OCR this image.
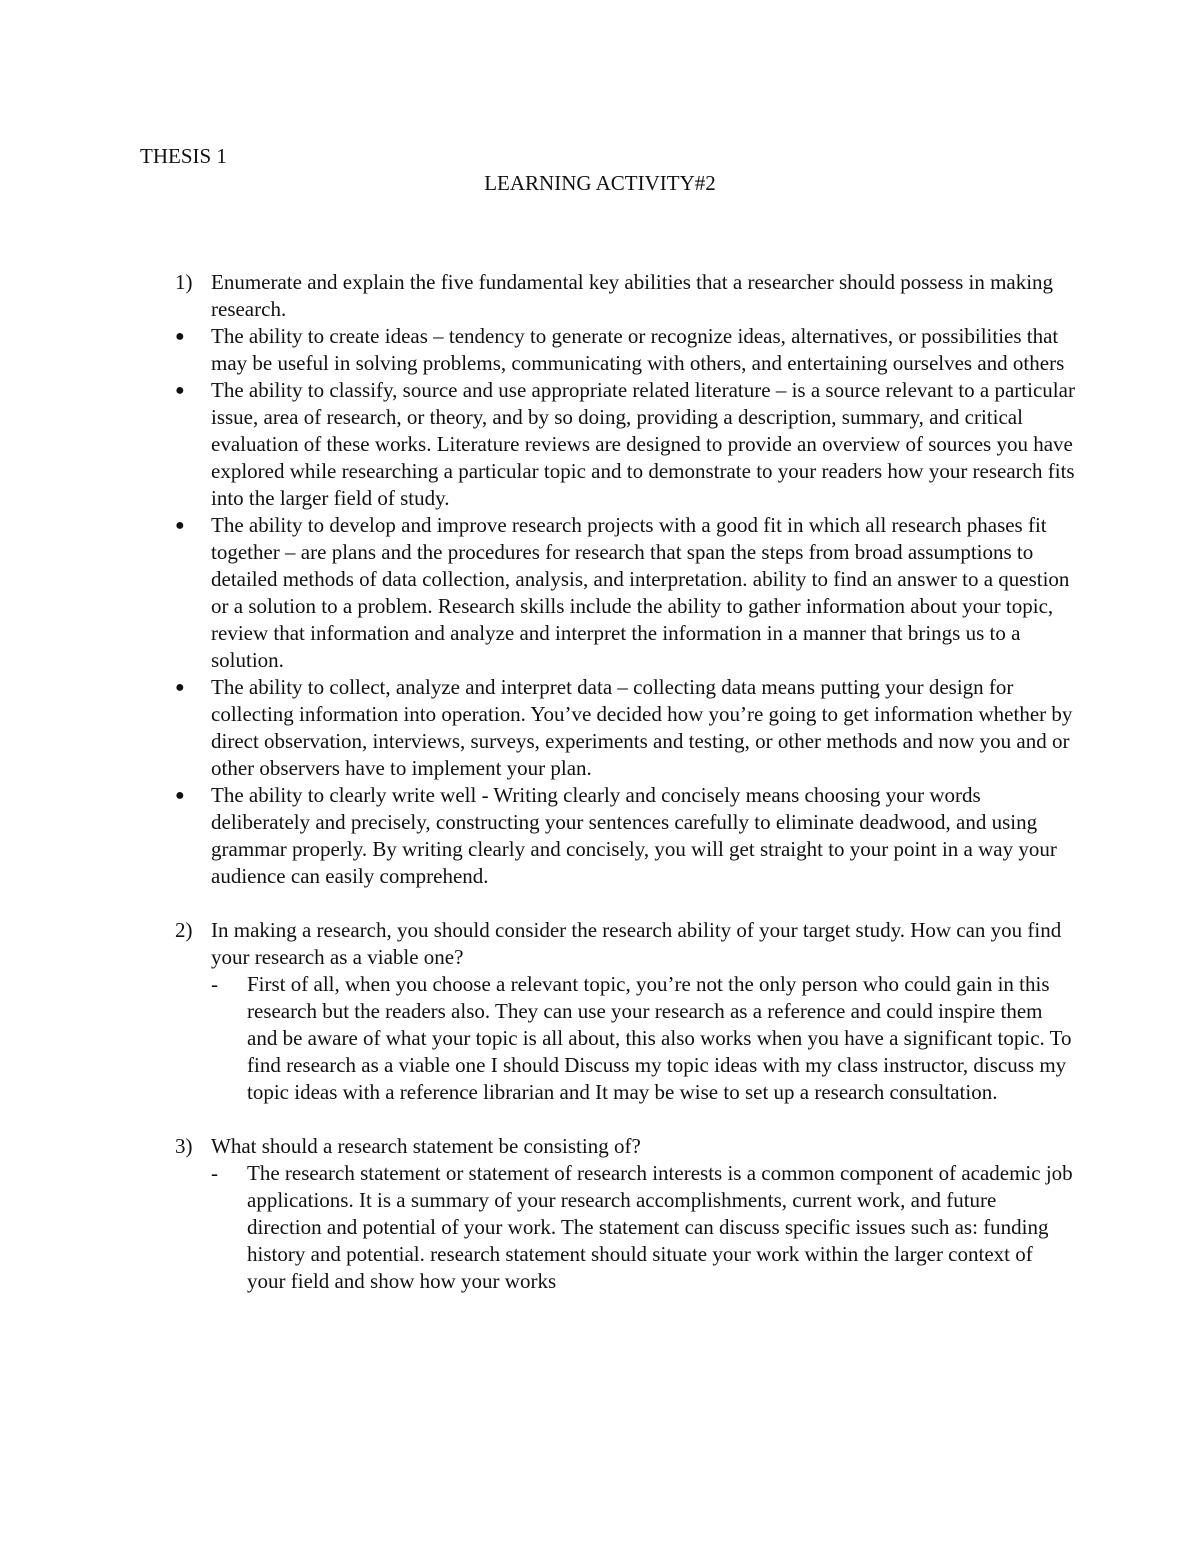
THESIS 1
LEARNING ACTIVITY#2
1) Enumerate and explain the five fundamental key abilities that a researcher should possess in making research.
●	The ability to create ideas – tendency to generate or recognize ideas, alternatives, or possibilities that may be useful in solving problems, communicating with others, and entertaining ourselves and others
●	The ability to classify, source and use appropriate related literature – is a source relevant to a particular issue, area of research, or theory, and by so doing, providing a description, summary, and critical evaluation of these works. Literature reviews are designed to provide an overview of sources you have explored while researching a particular topic and to demonstrate to your readers how your research fits into the larger field of study.
●	The ability to develop and improve research projects with a good fit in which all research phases fit together – are plans and the procedures for research that span the steps from broad assumptions to detailed methods of data collection, analysis, and interpretation. ability to find an answer to a question or a solution to a problem. Research skills include the ability to gather information about your topic, review that information and analyze and interpret the information in a manner that brings us to a solution.
●	The ability to collect, analyze and interpret data – collecting data means putting your design for collecting information into operation. You’ve decided how you’re going to get information whether by direct observation, interviews, surveys, experiments and testing, or other methods and now you and or other observers have to implement your plan.
●	The ability to clearly write well - Writing clearly and concisely means choosing your words deliberately and precisely, constructing your sentences carefully to eliminate deadwood, and using grammar properly. By writing clearly and concisely, you will get straight to your point in a way your audience can easily comprehend.
2) In making a research, you should consider the research ability of your target study. How can you find your research as a viable one?
-	First of all, when you choose a relevant topic, you’re not the only person who could gain in this research but the readers also. They can use your research as a reference and could inspire them and be aware of what your topic is all about, this also works when you have a significant topic. To find research as a viable one I should Discuss my topic ideas with my class instructor, discuss my topic ideas with a reference librarian and It may be wise to set up a research consultation.
3) What should a research statement be consisting of?
-	The research statement or statement of research interests is a common component of academic job applications. It is a summary of your research accomplishments, current work, and future direction and potential of your work. The statement can discuss specific issues such as: funding history and potential. research statement should situate your work within the larger context of your field and show how your works
